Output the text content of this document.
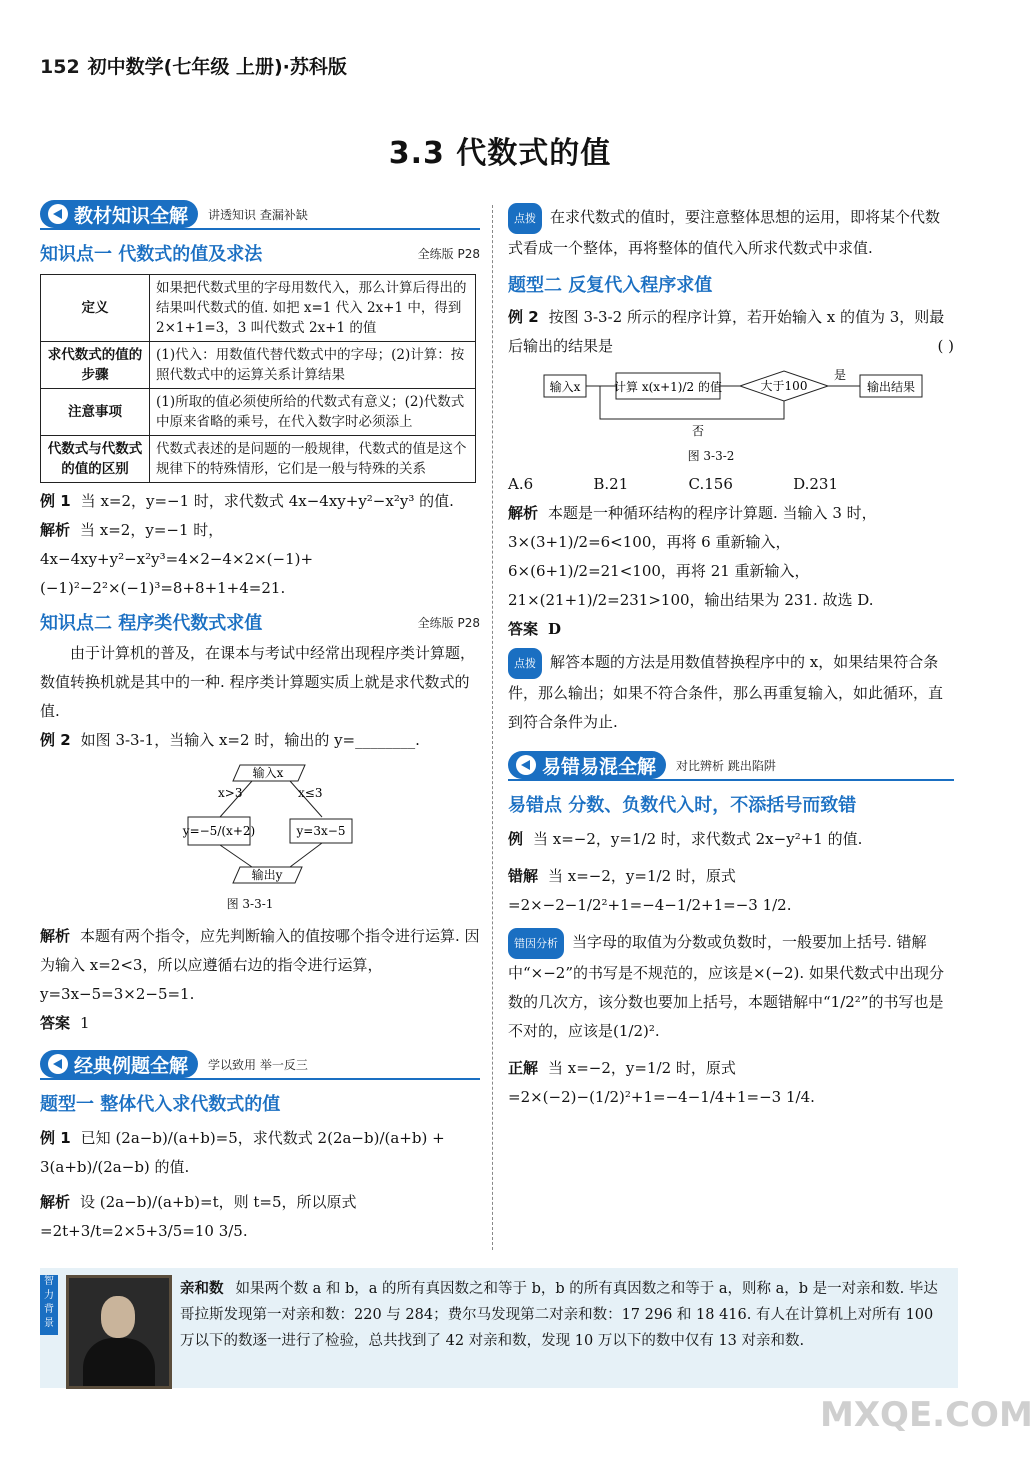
152 初中数学(七年级 上册)·苏科版
3.3 代数式的值
教材知识全解 讲透知识 查漏补缺
知识点一 代数式的值及求法	全练版 P28
定义	如果把代数式里的字母用数代入，那么计算后得出的结果叫代数式的值. 如把 x=1 代入 2x+1 中，得到 2×1+1=3，3 叫代数式 2x+1 的值
求代数式的值的步骤	(1)代入：用数值代替代数式中的字母；(2)计算：按照代数式中的运算关系计算结果
注意事项	(1)所取的值必须使所给的代数式有意义；(2)代数式中原来省略的乘号，在代入数字时必须添上
代数式与代数式的值的区别	代数式表述的是问题的一般规律，代数式的值是这个规律下的特殊情形，它们是一般与特殊的关系
例 1 当 x=2，y=−1 时，求代数式 4x−4xy+y²−x²y³ 的值.
解析 当 x=2，y=−1 时，4x−4xy+y²−x²y³=4×2−4×2×(−1)+(−1)²−2²×(−1)³=8+8+1+4=21.
知识点二 程序类代数式求值	全练版 P28
由于计算机的普及，在课本与考试中经常出现程序类计算题，数值转换机就是其中的一种. 程序类计算题实质上就是求代数式的值.
例 2 如图 3-3-1，当输入 x=2 时，输出的 y=________.
输入x
x>3	x≤3
y=−5/(x+2)	y=3x−5
输出y
图 3-3-1
解析 本题有两个指令，应先判断输入的值按哪个指令进行运算. 因为输入 x=2<3，所以应遵循右边的指令进行运算，y=3x−5=3×2−5=1.
答案 1
经典例题全解 学以致用 举一反三
题型一 整体代入求代数式的值
例 1 已知 (2a−b)/(a+b)=5，求代数式 2(2a−b)/(a+b) + 3(a+b)/(2a−b) 的值.
解析 设 (2a−b)/(a+b)=t，则 t=5，所以原式 =2t+3/t=2×5+3/5=10 3/5.
点拨 在求代数式的值时，要注意整体思想的运用，即将某个代数式看成一个整体，再将整体的值代入所求代数式中求值.
题型二 反复代入程序求值
例 2 按图 3-3-2 所示的程序计算，若开始输入 x 的值为 3，则最后输出的结果是	( )
输入x	计算 x(x+1)/2 的值	大于100
是
输出结果
否
图 3-3-2
A.6	B.21	C.156	D.231
解析 本题是一种循环结构的程序计算题. 当输入 3 时，3×(3+1)/2=6<100，再将 6 重新输入，6×(6+1)/2=21<100，再将 21 重新输入，21×(21+1)/2=231>100，输出结果为 231. 故选 D.
答案 D
点拨 解答本题的方法是用数值替换程序中的 x，如果结果符合条件，那么输出；如果不符合条件，那么再重复输入，如此循环，直到符合条件为止.
易错易混全解 对比辨析 跳出陷阱
易错点 分数、负数代入时，不添括号而致错
例 当 x=−2，y=1/2 时，求代数式 2x−y²+1 的值.
错解 当 x=−2，y=1/2 时，原式 =2×−2−1/2²+1=−4−1/2+1=−3 1/2.
错因分析 当字母的取值为分数或负数时，一般要加上括号. 错解中“×−2”的书写是不规范的，应该是×(−2). 如果代数式中出现分数的几次方，该分数也要加上括号，本题错解中“1/2²”的书写也是不对的，应该是(1/2)².
正解 当 x=−2，y=1/2 时，原式 =2×(−2)−(1/2)²+1=−4−1/4+1=−3 1/4.
智力背景
亲和数 如果两个数 a 和 b，a 的所有真因数之和等于 b，b 的所有真因数之和等于 a，则称 a，b 是一对亲和数. 毕达哥拉斯发现第一对亲和数：220 与 284；费尔马发现第二对亲和数：17 296 和 18 416. 有人在计算机上对所有 100 万以下的数逐一进行了检验，总共找到了 42 对亲和数，发现 10 万以下的数中仅有 13 对亲和数.
MXQE.COM
